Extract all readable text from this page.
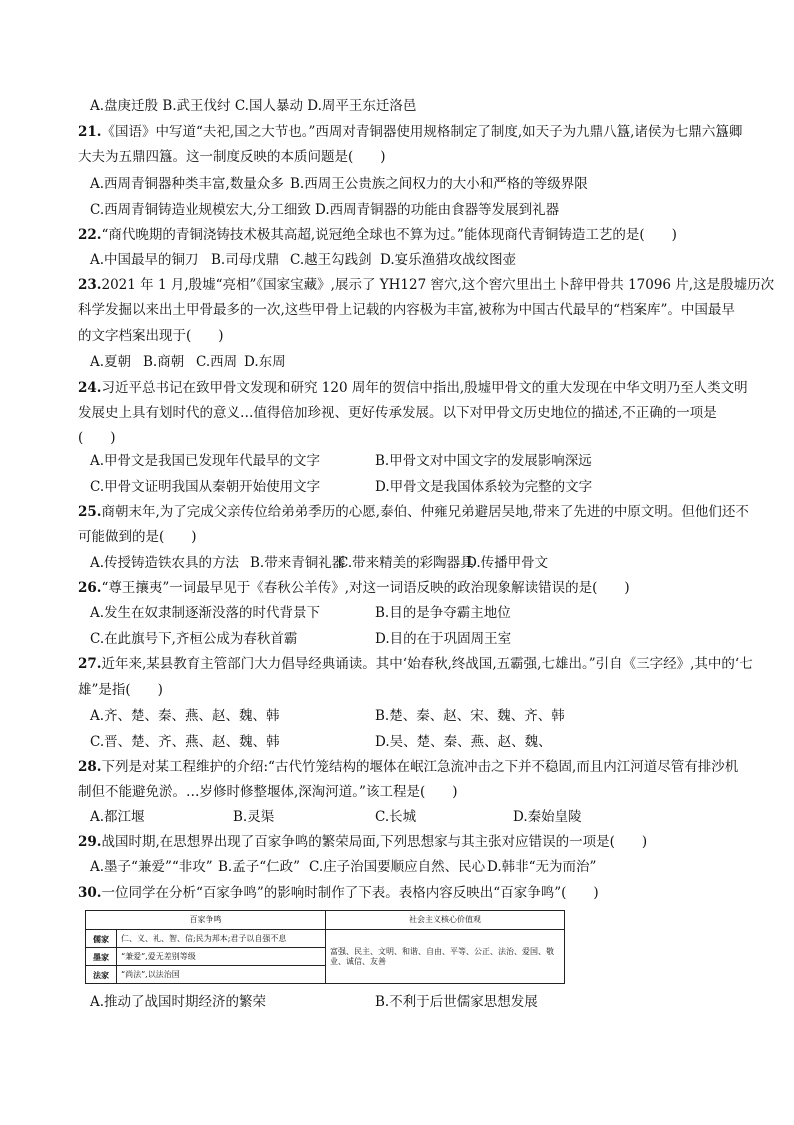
A.盘庚迁殷 B.武王伐纣 C.国人暴动 D.周平王东迁洛邑
21.《国语》中写道“夫祀,国之大节也。”西周对青铜器使用规格制定了制度,如天子为九鼎八簋,诸侯为七鼎六簋卿
大夫为五鼎四簋。这一制度反映的本质问题是(　　)
A.西周青铜器种类丰富,数量众多 B.西周王公贵族之间权力的大小和严格的等级界限
C.西周青铜铸造业规模宏大,分工细致 D.西周青铜器的功能由食器等发展到礼器
22.“商代晚期的青铜浇铸技术极其高超,说冠绝全球也不算为过。”能体现商代青铜铸造工艺的是(　　)
A.中国最早的铜刀 B.司母戊鼎 C.越王勾践剑 D.宴乐渔猎攻战纹图壶
23.2021 年 1 月,殷墟“亮相”《国家宝藏》,展示了 YH127 窖穴,这个窖穴里出土卜辞甲骨共 17096 片,这是殷墟历次
科学发掘以来出土甲骨最多的一次,这些甲骨上记载的内容极为丰富,被称为中国古代最早的“档案库”。中国最早
的文字档案出现于(　　)
A.夏朝 B.商朝 C.西周 D.东周
24.习近平总书记在致甲骨文发现和研究 120 周年的贺信中指出,殷墟甲骨文的重大发现在中华文明乃至人类文明
发展史上具有划时代的意义…值得倍加珍视、更好传承发展。以下对甲骨文历史地位的描述,不正确的一项是
(　　)
A.甲骨文是我国已发现年代最早的文字	B.甲骨文对中国文字的发展影响深远
C.甲骨文证明我国从秦朝开始使用文字	D.甲骨文是我国体系较为完整的文字
25.商朝末年,为了完成父亲传位给弟弟季历的心愿,泰伯、仲雍兄弟避居吴地,带来了先进的中原文明。但他们还不
可能做到的是(　　)
A.传授铸造铁农具的方法 B.带来青铜礼器
C.带来精美的彩陶器具
D.传播甲骨文
26.“尊王攘夷”一词最早见于《春秋公羊传》,对这一词语反映的政治现象解读错误的是(　　)
A.发生在奴隶制逐渐没落的时代背景下	B.目的是争夺霸主地位
C.在此旗号下,齐桓公成为春秋首霸	D.目的在于巩固周王室
27.近年来,某县教育主管部门大力倡导经典诵读。其中‘始春秋,终战国,五霸强,七雄出。”引自《三字经》,其中的‘七
雄”是指(　　)
A.齐、楚、秦、燕、赵、魏、韩	B.楚、秦、赵、宋、魏、齐、韩
C.晋、楚、齐、燕、赵、魏、韩	D.吴、楚、秦、燕、赵、魏、
28.下列是对某工程维护的介绍:“古代竹笼结构的堰体在岷江急流冲击之下并不稳固,而且内江河道尽管有排沙机
制但不能避免淤。…岁修时修整堰体,深淘河道。”该工程是(　　)
A.都江堰	B.灵渠	C.长城	D.秦始皇陵
29.战国时期,在思想界出现了百家争鸣的繁荣局面,下列思想家与其主张对应错误的一项是(　　)
A.墨子“兼爱”“非攻” B.孟子“仁政” C.庄子治国要顺应自然、民心 D.韩非“无为而治”
30.一位同学在分析“百家争鸣”的影响时制作了下表。表格内容反映出“百家争鸣”(　　)
百家争鸣		社会主义核心价值观
儒家	仁、义、礼、智、信;民为邦本;君子以自强不息	富强、民主、文明、和谐、自由、平等、公正、法治、爱国、敬业、诚信、友善
墨家	“兼爱”,爱无差别等级	
法家	“尚法”,以法治国	
A.推动了战国时期经济的繁荣	B.不利于后世儒家思想发展
